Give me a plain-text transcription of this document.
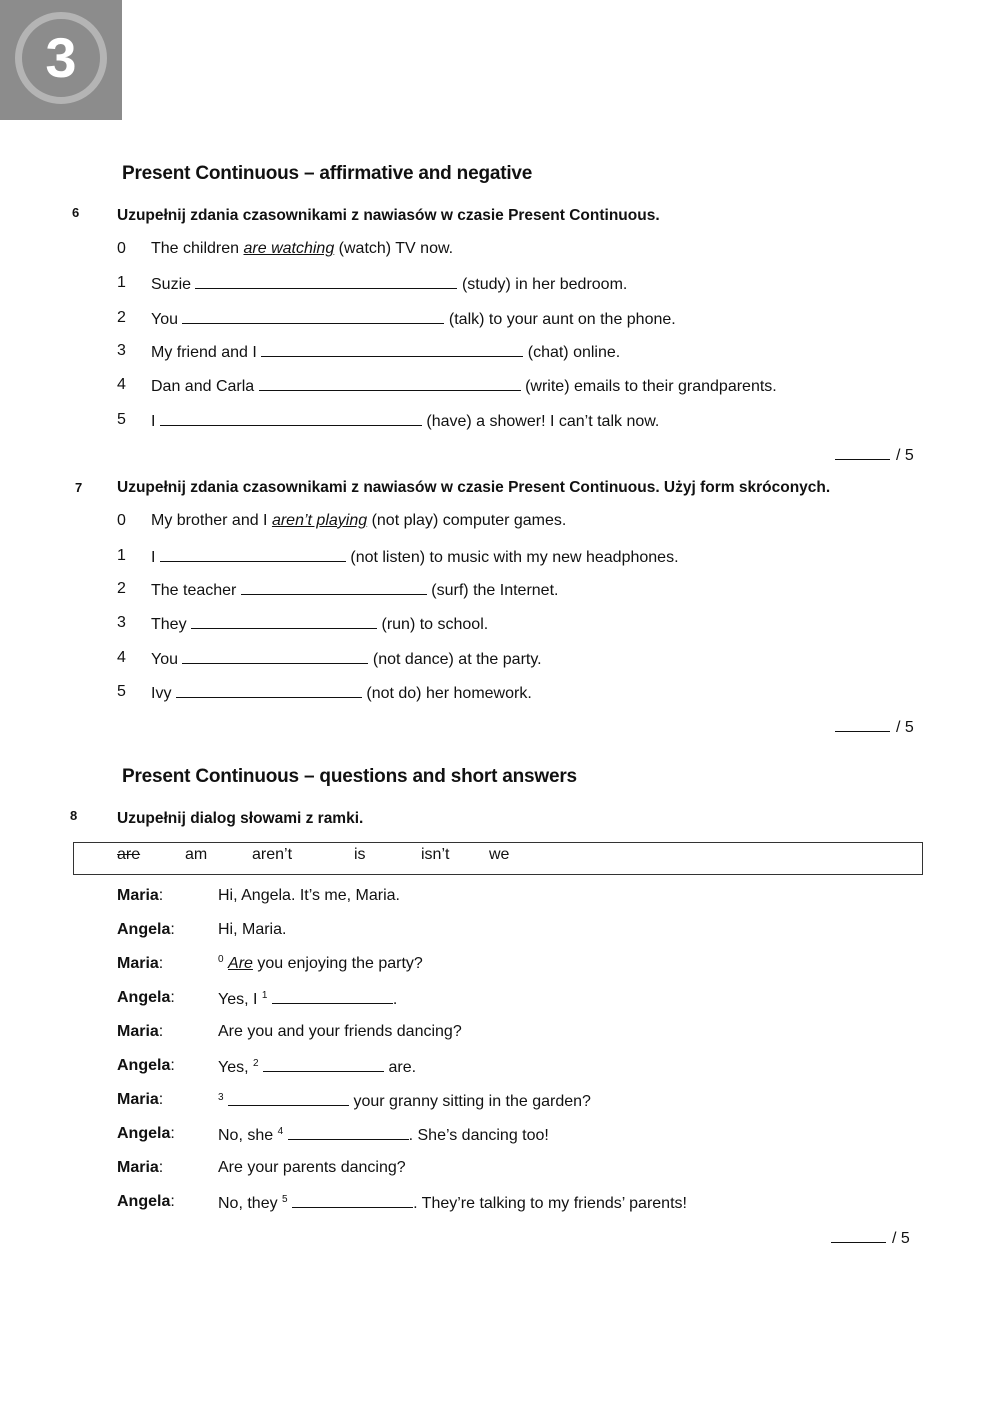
3
Present Continuous – affirmative and negative
6 Uzupełnij zdania czasownikami z nawiasów w czasie Present Continuous.
0 The children are watching (watch) TV now.
1 Suzie	(study) in her bedroom.
2 You	(talk) to your aunt on the phone.
3 My friend and I	(chat) online.
4 Dan and Carla	(write) emails to their grandparents.
5 I	(have) a shower! I can’t talk now.
/ 5
7 Uzupełnij zdania czasownikami z nawiasów w czasie Present Continuous. Użyj form skróconych.
0 My brother and I aren’t playing (not play) computer games.
1 I	(not listen) to music with my new headphones.
2 The teacher	(surf) the Internet.
3 They	(run) to school.
4 You	(not dance) at the party.
5 Ivy	(not do) her homework.
/ 5
Present Continuous – questions and short answers
8	Uzupełnij dialog słowami z ramki.
are	am	aren’t	is	isn’t we
Maria:	Hi, Angela. It’s me, Maria.
Angela:	Hi, Maria.
Maria:	$^0$ Are you enjoying the party?
Angela:	Yes, I $^1$	.
Maria:	Are you and your friends dancing?
Angela:	Yes, $^2$	are.
Maria:	$^3$	your granny sitting in the garden?
Angela:	No, she $^4$	. She’s dancing too!
Maria:	Are your parents dancing?
Angela:	No, they $^5$	. They’re talking to my friends’ parents!
/ 5
